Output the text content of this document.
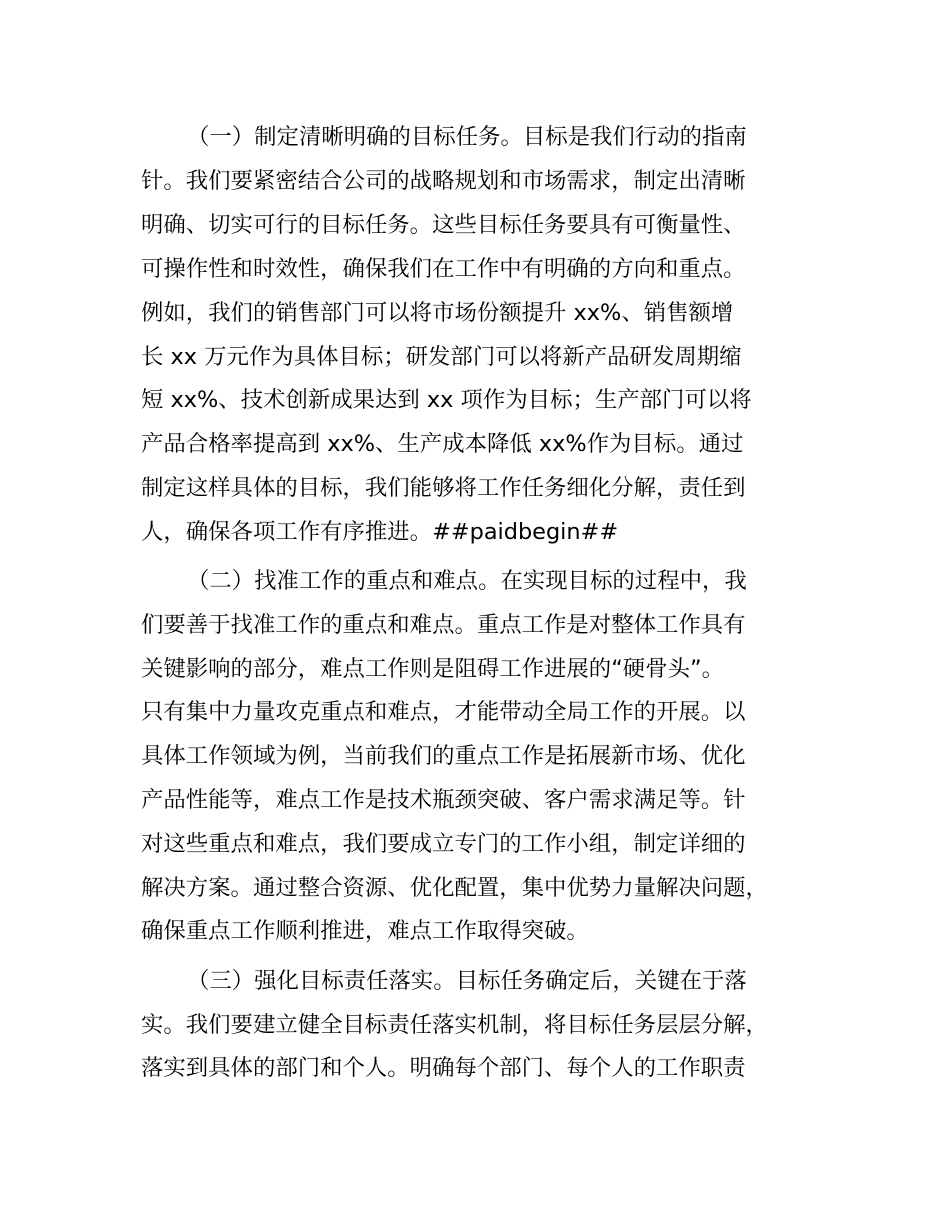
（一）制定清晰明确的目标任务。目标是我们行动的指南
针。我们要紧密结合公司的战略规划和市场需求，制定出清晰
明确、切实可行的目标任务。这些目标任务要具有可衡量性、
可操作性和时效性，确保我们在工作中有明确的方向和重点。
例如，我们的销售部门可以将市场份额提升 xx%、销售额增
长 xx 万元作为具体目标；研发部门可以将新产品研发周期缩
短 xx%、技术创新成果达到 xx 项作为目标；生产部门可以将
产品合格率提高到 xx%、生产成本降低 xx%作为目标。通过
制定这样具体的目标，我们能够将工作任务细化分解，责任到
人，确保各项工作有序推进。##paidbegin##
（二）找准工作的重点和难点。在实现目标的过程中，我
们要善于找准工作的重点和难点。重点工作是对整体工作具有
关键影响的部分，难点工作则是阻碍工作进展的“硬骨头”。
只有集中力量攻克重点和难点，才能带动全局工作的开展。以
具体工作领域为例，当前我们的重点工作是拓展新市场、优化
产品性能等，难点工作是技术瓶颈突破、客户需求满足等。针
对这些重点和难点，我们要成立专门的工作小组，制定详细的
解决方案。通过整合资源、优化配置，集中优势力量解决问题，
确保重点工作顺利推进，难点工作取得突破。
（三）强化目标责任落实。目标任务确定后，关键在于落
实。我们要建立健全目标责任落实机制，将目标任务层层分解，
落实到具体的部门和个人。明确每个部门、每个人的工作职责
